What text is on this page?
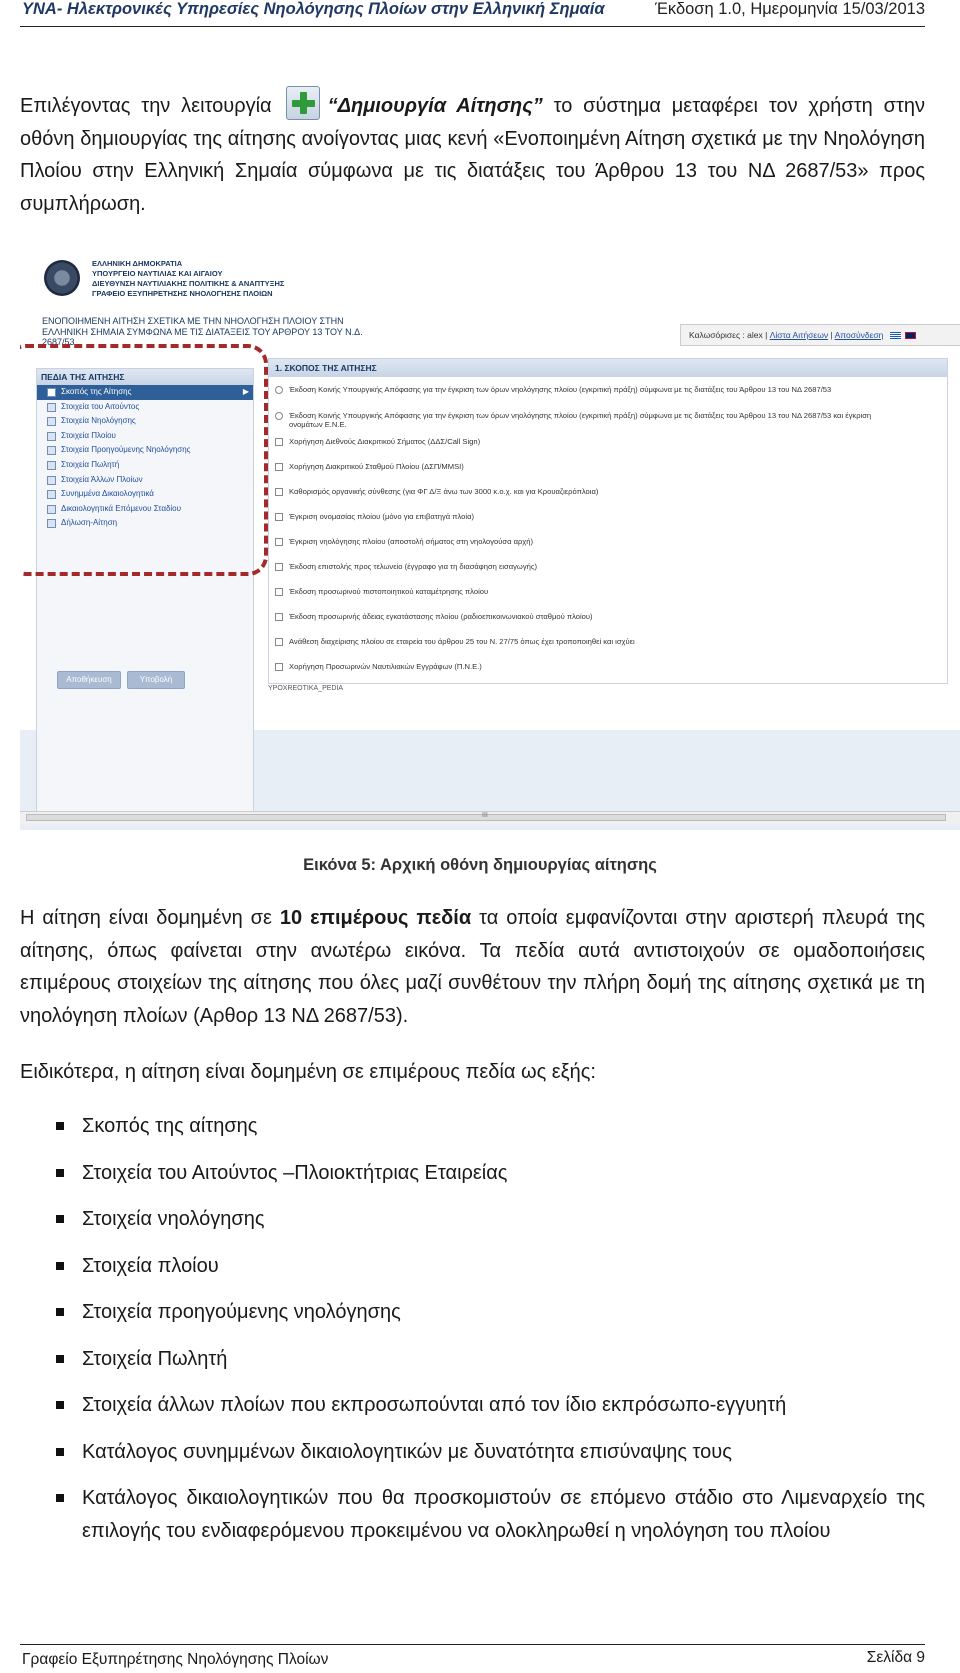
ΥΝΑ- Ηλεκτρονικές Υπηρεσίες Νηολόγησης Πλοίων στην Ελληνική Σημαία	Έκδοση 1.0, Ημερομηνία 15/03/2013

Επιλέγοντας την λειτουργία	“Δημιουργία Αίτησης” το σύστημα μεταφέρει τον χρήστη στην οθόνη δημιουργίας της αίτησης ανοίγοντας μιας κενή «Ενοποιημένη Αίτηση σχετικά με την Νηολόγηση Πλοίου στην Ελληνική Σημαία σύμφωνα με τις διατάξεις του Άρθρου 13 του ΝΔ 2687/53» προς συμπλήρωση.

ΕΛΛΗΝΙΚΗ ΔΗΜΟΚΡΑΤΙΑ
ΥΠΟΥΡΓΕΙΟ ΝΑΥΤΙΛΙΑΣ ΚΑΙ ΑΙΓΑΙΟΥ
ΔΙΕΥΘΥΝΣΗ ΝΑΥΤΙΛΙΑΚΗΣ ΠΟΛΙΤΙΚΗΣ & ΑΝΑΠΤΥΞΗΣ
ΓΡΑΦΕΙΟ ΕΞΥΠΗΡΕΤΗΣΗΣ ΝΗΟΛΟΓΗΣΗΣ ΠΛΟΙΩΝ
ΕΝΟΠΟΙΗΜΕΝΗ ΑΙΤΗΣΗ ΣΧΕΤΙΚΑ ΜΕ ΤΗΝ ΝΗΟΛΟΓΗΣΗ ΠΛΟΙΟΥ ΣΤΗΝ
ΕΛΛΗΝΙΚΗ ΣΗΜΑΙΑ ΣΥΜΦΩΝΑ ΜΕ ΤΙΣ ΔΙΑΤΑΞΕΙΣ ΤΟΥ ΑΡΘΡΟΥ 13 ΤΟΥ Ν.Δ.
2687/53
Καλωσόρισες : alex | Λίστα Αιτήσεων | Αποσύνδεση
ΠΕΔΙΑ ΤΗΣ ΑΙΤΗΣΗΣ
Σκοπός της Αίτησης	▶
Στοιχεία του Αιτούντος
Στοιχεία Νηολόγησης
Στοιχεία Πλοίου
Στοιχεία Προηγούμενης Νηολόγησης
Στοιχεία Πωλητή
Στοιχεία Άλλων Πλοίων
Συνημμένα Δικαιολογητικά
Δικαιολογητικά Επόμενου Σταδίου
Δήλωση-Αίτηση
Αποθήκευση	Υποβολή
1. ΣΚΟΠΟΣ ΤΗΣ ΑΙΤΗΣΗΣ
Έκδοση Κοινής Υπουργικής Απόφασης για την έγκριση των όρων νηολόγησης πλοίου (εγκριτική πράξη) σύμφωνα με τις διατάξεις του Άρθρου 13 του ΝΔ 2687/53
Έκδοση Κοινής Υπουργικής Απόφασης για την έγκριση των όρων νηολόγησης πλοίου (εγκριτική πράξη) σύμφωνα με τις διατάξεις του Άρθρου 13 του ΝΔ 2687/53 και έγκριση
ονομάτων Ε.Ν.Ε.
Χορήγηση Διεθνούς Διακριτικού Σήματος (ΔΔΣ/Call Sign)
Χορήγηση Διακριτικού Σταθμού Πλοίου (ΔΣΠ/MMSI)
Καθορισμός οργανικής σύνθεσης (για ΦΓ Δ/Ξ άνω των 3000 κ.ο.χ. και για Κρουαζιερόπλοια)
Έγκριση ονομασίας πλοίου (μόνο για επιβατηγά πλοία)
Έγκριση νηολόγησης πλοίου (αποστολή σήματος στη νηολογούσα αρχή)
Έκδοση επιστολής προς τελωνείο (έγγραφο για τη διασάφηση εισαγωγής)
Έκδοση προσωρινού πιστοποιητικού καταμέτρησης πλοίου
Έκδοση προσωρινής άδειας εγκατάστασης πλοίου (ραδιοεπικοινωνιακού σταθμού πλοίου)
Ανάθεση διαχείρισης πλοίου σε εταιρεία του άρθρου 25 του Ν. 27/75 όπως έχει τροποποιηθεί και ισχύει
Χορήγηση Προσωρινών Ναυτιλιακών Εγγράφων (Π.Ν.Ε.)
YPOXREOTIKA_PEDIA
III
Εικόνα 5: Αρχική οθόνη δημιουργίας αίτησης

Η αίτηση είναι δομημένη σε 10 επιμέρους πεδία τα οποία εμφανίζονται στην αριστερή πλευρά της αίτησης, όπως φαίνεται στην ανωτέρω εικόνα. Τα πεδία αυτά αντιστοιχούν σε ομαδοποιήσεις επιμέρους στοιχείων της αίτησης που όλες μαζί συνθέτουν την πλήρη δομή της αίτησης σχετικά με τη νηολόγηση πλοίων (Αρθορ 13 ΝΔ 2687/53).

Ειδικότερα, η αίτηση είναι δομημένη σε επιμέρους πεδία ως εξής:

Σκοπός της αίτησης
Στοιχεία του Αιτούντος –Πλοιοκτήτριας Εταιρείας
Στοιχεία νηολόγησης
Στοιχεία πλοίου
Στοιχεία προηγούμενης νηολόγησης
Στοιχεία Πωλητή
Στοιχεία άλλων πλοίων που εκπροσωπούνται από τον ίδιο εκπρόσωπο-εγγυητή
Κατάλογος συνημμένων δικαιολογητικών με δυνατότητα επισύναψης τους
Κατάλογος δικαιολογητικών που θα προσκομιστούν σε επόμενο στάδιο στο Λιμεναρχείο της επιλογής του ενδιαφερόμενου προκειμένου να ολοκληρωθεί η νηολόγηση του πλοίου
Γραφείο Εξυπηρέτησης Νηολόγησης Πλοίων	Σελίδα 9
